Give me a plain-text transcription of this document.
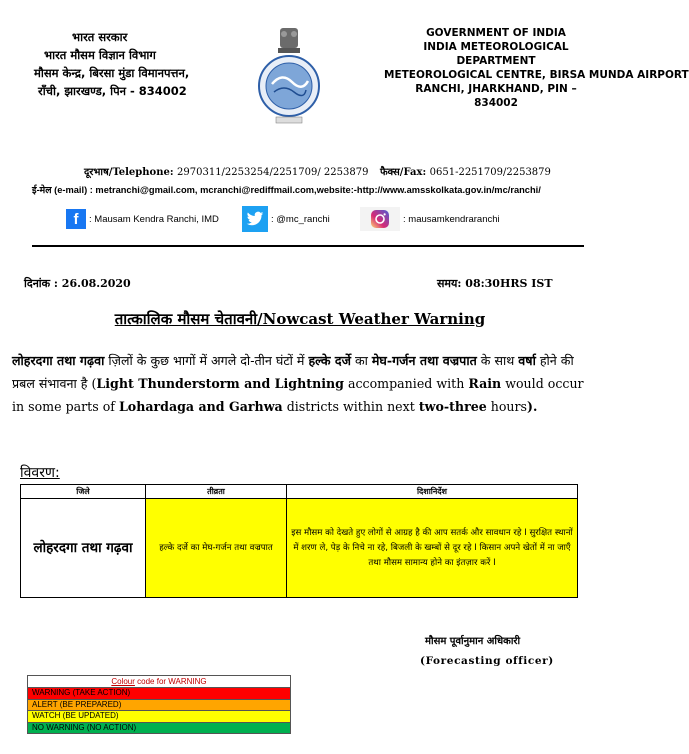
भारत सरकार
भारत मौसम विज्ञान विभाग
मौसम केन्द्र, बिरसा मुंडा विमानपत्तन,
राँची, झारखण्ड, पिन - 834002
GOVERNMENT OF INDIA
INDIA METEOROLOGICAL DEPARTMENT
METEOROLOGICAL CENTRE, BIRSA MUNDA AIRPORT
RANCHI, JHARKHAND, PIN – 834002
दूरभाष/Telephone: 2970311/2253254/2251709/ 2253879 फैक्स/Fax: 0651-2251709/2253879
ई-मेल (e-mail) : metranchi@gmail.com, mcranchi@rediffmail.com,website:-http://www.amsskolkata.gov.in/mc/ranchi/
f	: Mausam Kendra Ranchi, IMD	: @mc_ranchi	: mausamkendraranchi
दिनांक : 26.08.2020	समय: 08:30HRS IST
तात्कालिक मौसम चेतावनी/Nowcast Weather Warning
लोहरदगा तथा गढ़वा ज़िलों के कुछ भागों में अगले दो-तीन घंटों में हल्के दर्जे का मेघ-गर्जन तथा वज्रपात के साथ वर्षा होने की प्रबल संभावना है (Light Thunderstorm and Lightning accompanied with Rain would occur in some parts of Lohardaga and Garhwa districts within next two-three hours).
विवरण:
जिले	तीव्रता	दिशानिर्देश
लोहरदगा तथा गढ़वा	हल्के दर्जे का मेघ-गर्जन तथा वज्रपात	इस मौसम को देखते हुए लोगों से आग्रह है की आप सतर्क और सावधान रहे I सुरक्षित स्थानों में शरण ले, पेड़ के निचे ना रहे, बिजली के खम्बों से दूर रहे I किसान अपने खेतों में ना जाएँ तथा मौसम सामान्य होने का इंतज़ार करें I
मौसम पूर्वानुमान अधिकारी
(Forecasting officer)
Colour code for WARNING
WARNING (TAKE ACTION)
ALERT (BE PREPARED)
WATCH (BE UPDATED)
NO WARNING (NO ACTION)
